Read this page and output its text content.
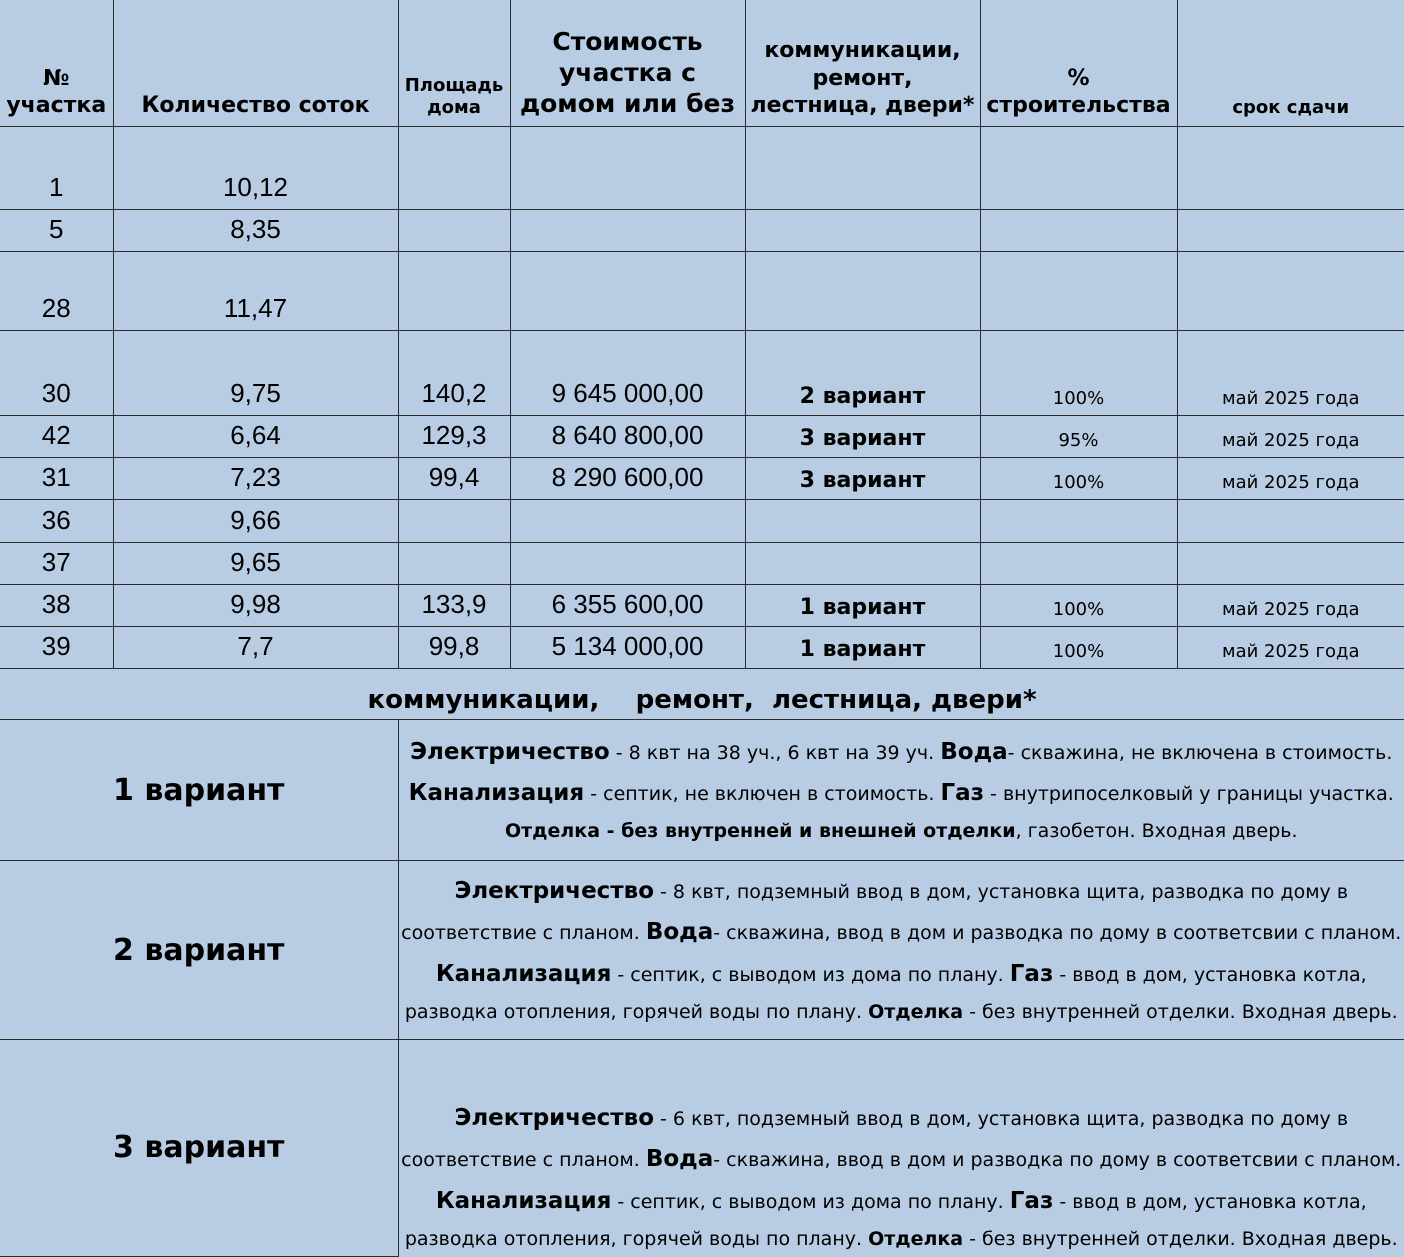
№ участка	Количество соток	Площадь дома	Стоимость участка с домом или без	коммуникации, ремонт, лестница, двери*	% строительства	срок сдачи
1	10,12					
5	8,35					
28	11,47					
30	9,75	140,2	9 645 000,00	2 вариант	100%	май 2025 года
42	6,64	129,3	8 640 800,00	3 вариант	95%	май 2025 года
31	7,23	99,4	8 290 600,00	3 вариант	100%	май 2025 года
36	9,66					
37	9,65					
38	9,98	133,9	6 355 600,00	1 вариант	100%	май 2025 года
39	7,7	99,8	5 134 000,00	1 вариант	100%	май 2025 года
коммуникации,    ремонт,  лестница, двери*
1 вариант	Электричество - 8 квт на 38 уч., 6 квт на 39 уч. Вода- скважина, не включена в стоимость. Канализация - септик, не включен в стоимость. Газ - внутрипоселковый у границы участка. Отделка - без внутренней и внешней отделки, газобетон. Входная дверь.
2 вариант	Электричество - 8 квт, подземный ввод в дом, установка щита, разводка по дому в соответствие с планом. Вода- скважина, ввод в дом и разводка по дому в соответсвии с планом. Канализация - септик, с выводом из дома по плану. Газ - ввод в дом, установка котла, разводка отопления, горячей воды по плану. Отделка - без внутренней отделки. Входная дверь.
3 вариант	Электричество - 6 квт, подземный ввод в дом, установка щита, разводка по дому в соответствие с планом. Вода- скважина, ввод в дом и разводка по дому в соответсвии с планом. Канализация - септик, с выводом из дома по плану. Газ - ввод в дом, установка котла, разводка отопления, горячей воды по плану. Отделка - без внутренней отделки. Входная дверь.
